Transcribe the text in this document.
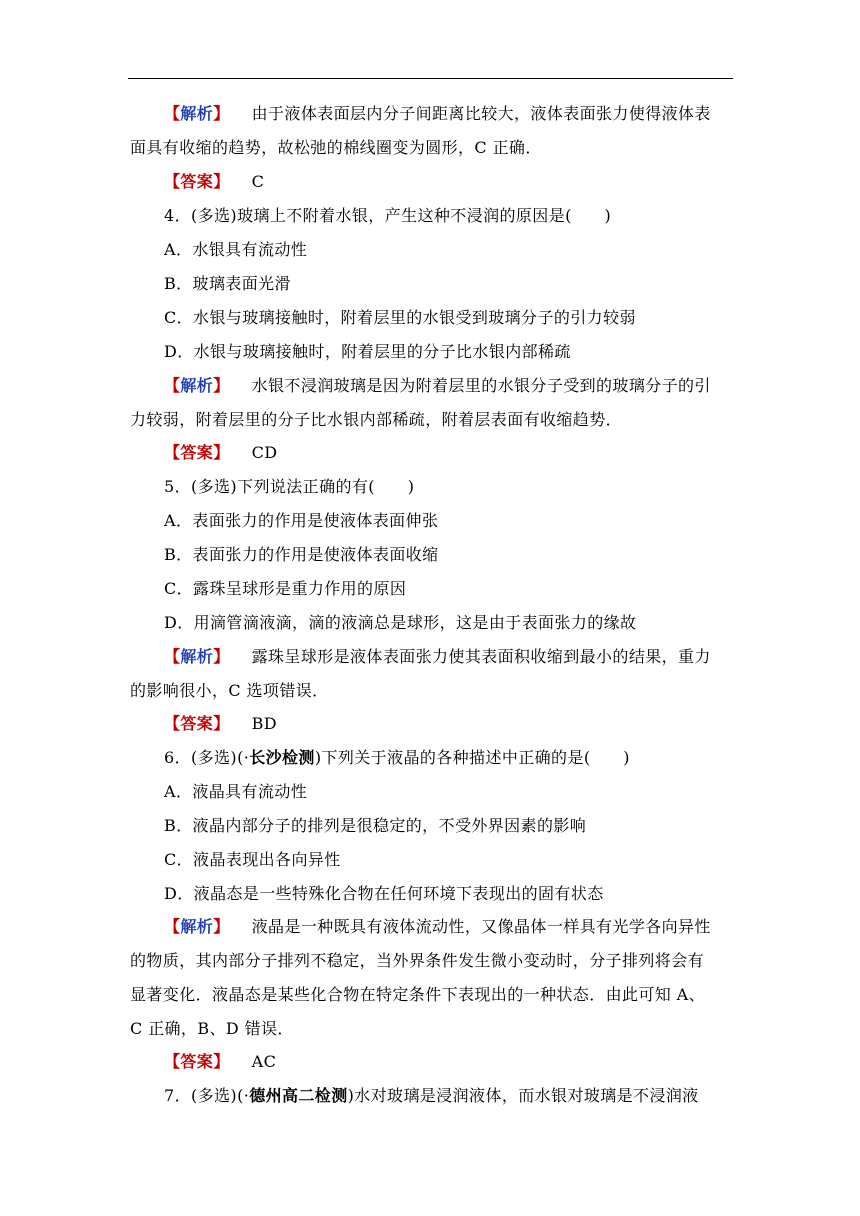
【解析】 由于液体表面层内分子间距离比较大，液体表面张力使得液体表
面具有收缩的趋势，故松弛的棉线圈变为圆形，C 正确．
【答案】 C
4．(多选)玻璃上不附着水银，产生这种不浸润的原因是(　　)
A．水银具有流动性
B．玻璃表面光滑
C．水银与玻璃接触时，附着层里的水银受到玻璃分子的引力较弱
D．水银与玻璃接触时，附着层里的分子比水银内部稀疏
【解析】 水银不浸润玻璃是因为附着层里的水银分子受到的玻璃分子的引
力较弱，附着层里的分子比水银内部稀疏，附着层表面有收缩趋势．
【答案】 CD
5．(多选)下列说法正确的有(　　)
A．表面张力的作用是使液体表面伸张
B．表面张力的作用是使液体表面收缩
C．露珠呈球形是重力作用的原因
D．用滴管滴液滴，滴的液滴总是球形，这是由于表面张力的缘故
【解析】 露珠呈球形是液体表面张力使其表面积收缩到最小的结果，重力
的影响很小，C 选项错误．
【答案】 BD
6．(多选)(·长沙检测)下列关于液晶的各种描述中正确的是(　　)
A．液晶具有流动性
B．液晶内部分子的排列是很稳定的，不受外界因素的影响
C．液晶表现出各向异性
D．液晶态是一些特殊化合物在任何环境下表现出的固有状态
【解析】 液晶是一种既具有液体流动性，又像晶体一样具有光学各向异性
的物质，其内部分子排列不稳定，当外界条件发生微小变动时，分子排列将会有
显著变化．液晶态是某些化合物在特定条件下表现出的一种状态．由此可知 A、
C 正确，B、D 错误．
【答案】 AC
7．(多选)(·德州高二检测)水对玻璃是浸润液体，而水银对玻璃是不浸润液
